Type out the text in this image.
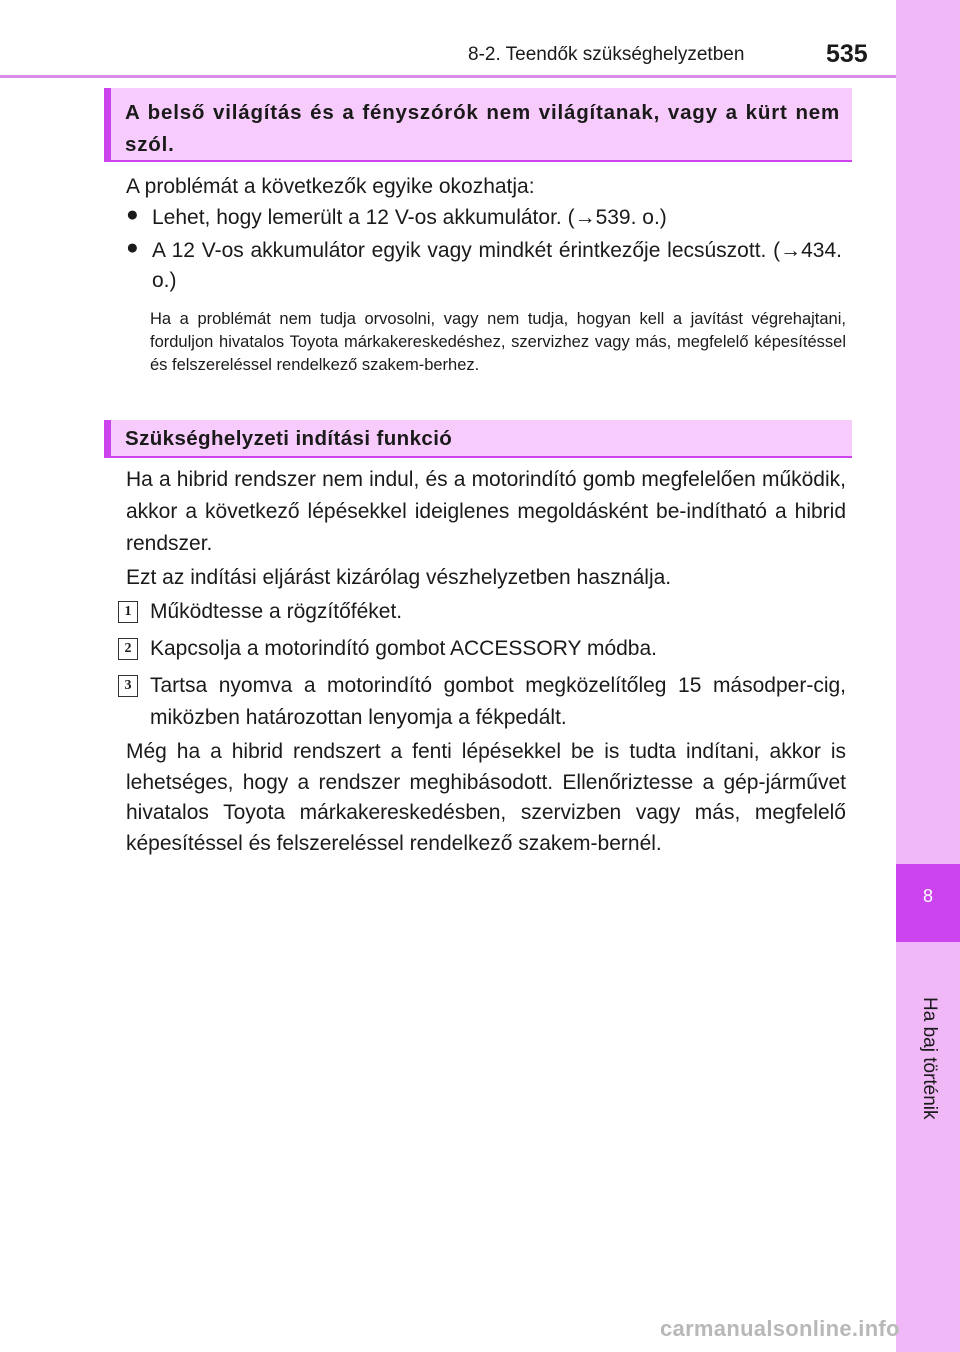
8-2. Teendők szükséghelyzetben	535
8
Ha baj történik
A belső világítás és a fényszórók nem világítanak, vagy a kürt nem szól.
A problémát a következők egyike okozhatja:
● Lehet, hogy lemerült a 12 V-os akkumulátor. (→539. o.)
● A 12 V-os akkumulátor egyik vagy mindkét érintkezője lecsúszott. (→434. o.)
Ha a problémát nem tudja orvosolni, vagy nem tudja, hogyan kell a javítást végrehajtani, forduljon hivatalos Toyota márkakereskedéshez, szervizhez vagy más, megfelelő képesítéssel és felszereléssel rendelkező szakem-berhez.
Szükséghelyzeti indítási funkció
Ha a hibrid rendszer nem indul, és a motorindító gomb megfelelően működik, akkor a következő lépésekkel ideiglenes megoldásként be-indítható a hibrid rendszer.
Ezt az indítási eljárást kizárólag vészhelyzetben használja.
1 Működtesse a rögzítőféket.
2 Kapcsolja a motorindító gombot ACCESSORY módba.
3 Tartsa nyomva a motorindító gombot megközelítőleg 15 másodper-cig, miközben határozottan lenyomja a fékpedált.
Még ha a hibrid rendszert a fenti lépésekkel be is tudta indítani, akkor is lehetséges, hogy a rendszer meghibásodott. Ellenőriztesse a gép-járművet hivatalos Toyota márkakereskedésben, szervizben vagy más, megfelelő képesítéssel és felszereléssel rendelkező szakem-bernél.
carmanualsonline.info
